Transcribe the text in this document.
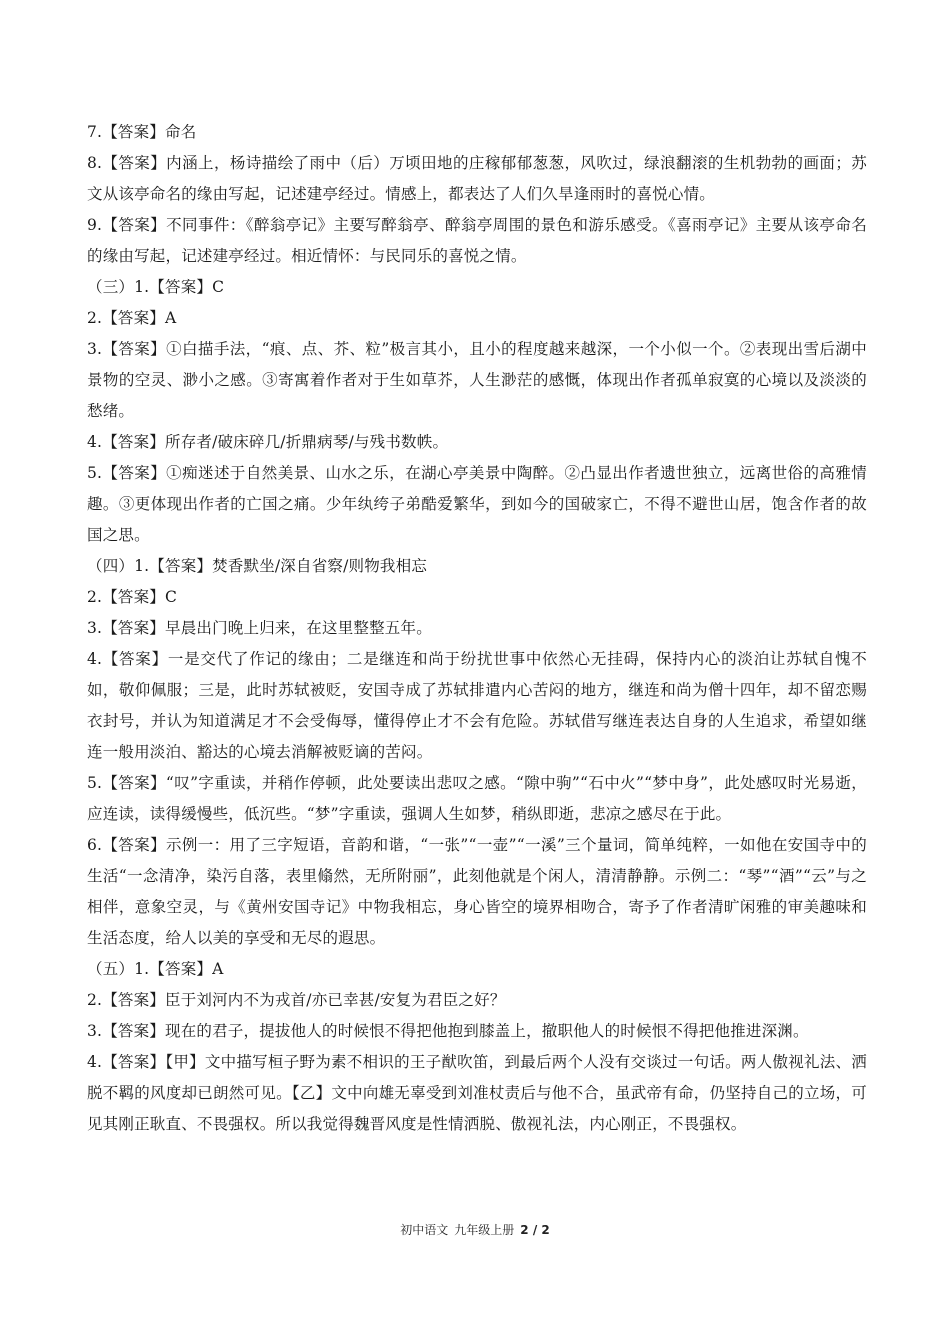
7.【答案】命名

8.【答案】内涵上，杨诗描绘了雨中（后）万顷田地的庄稼郁郁葱葱，风吹过，绿浪翻滚的生机勃勃的画面；苏文从该亭命名的缘由写起，记述建亭经过。情感上，都表达了人们久旱逢雨时的喜悦心情。

9.【答案】不同事件：《醉翁亭记》主要写醉翁亭、醉翁亭周围的景色和游乐感受。《喜雨亭记》主要从该亭命名的缘由写起，记述建亭经过。相近情怀：与民同乐的喜悦之情。

（三）1.【答案】C

2.【答案】A

3.【答案】①白描手法，“痕、点、芥、粒”极言其小，且小的程度越来越深，一个小似一个。②表现出雪后湖中景物的空灵、渺小之感。③寄寓着作者对于生如草芥，人生渺茫的感慨，体现出作者孤单寂寞的心境以及淡淡的愁绪。

4.【答案】所存者/破床碎几/折鼎病琴/与残书数帙。

5.【答案】①痴迷述于自然美景、山水之乐，在湖心亭美景中陶醉。②凸显出作者遗世独立，远离世俗的高雅情趣。③更体现出作者的亡国之痛。少年纨绔子弟酷爱繁华，到如今的国破家亡，不得不避世山居，饱含作者的故国之思。

（四）1.【答案】焚香默坐/深自省察/则物我相忘

2.【答案】C

3.【答案】早晨出门晚上归来，在这里整整五年。

4.【答案】一是交代了作记的缘由；二是继连和尚于纷扰世事中依然心无挂碍，保持内心的淡泊让苏轼自愧不如，敬仰佩服；三是，此时苏轼被贬，安国寺成了苏轼排遣内心苦闷的地方，继连和尚为僧十四年，却不留恋赐衣封号，并认为知道满足才不会受侮辱，懂得停止才不会有危险。苏轼借写继连表达自身的人生追求，希望如继连一般用淡泊、豁达的心境去消解被贬谪的苦闷。

5.【答案】“叹”字重读，并稍作停顿，此处要读出悲叹之感。“隙中驹”“石中火”“梦中身”，此处感叹时光易逝，应连读，读得缓慢些，低沉些。“梦”字重读，强调人生如梦，稍纵即逝，悲凉之感尽在于此。

6.【答案】示例一：用了三字短语，音韵和谐，“一张”“一壶”“一溪”三个量词，简单纯粹，一如他在安国寺中的生活“一念清净，染污自落，表里翛然，无所附丽”，此刻他就是个闲人，清清静静。示例二：“琴”“酒”“云”与之相伴，意象空灵，与《黄州安国寺记》中物我相忘，身心皆空的境界相吻合，寄予了作者清旷闲雅的审美趣味和生活态度，给人以美的享受和无尽的遐思。

（五）1.【答案】A

2.【答案】臣于刘河内不为戎首/亦已幸甚/安复为君臣之好？

3.【答案】现在的君子，提拔他人的时候恨不得把他抱到膝盖上，撤职他人的时候恨不得把他推进深渊。

4.【答案】【甲】文中描写桓子野为素不相识的王子猷吹笛，到最后两个人没有交谈过一句话。两人傲视礼法、洒脱不羁的风度却已朗然可见。【乙】文中向雄无辜受到刘准杖责后与他不合，虽武帝有命，仍坚持自己的立场，可见其刚正耿直、不畏强权。所以我觉得魏晋风度是性情洒脱、傲视礼法，内心刚正，不畏强权。

初中语文 九年级上册 2 / 2
